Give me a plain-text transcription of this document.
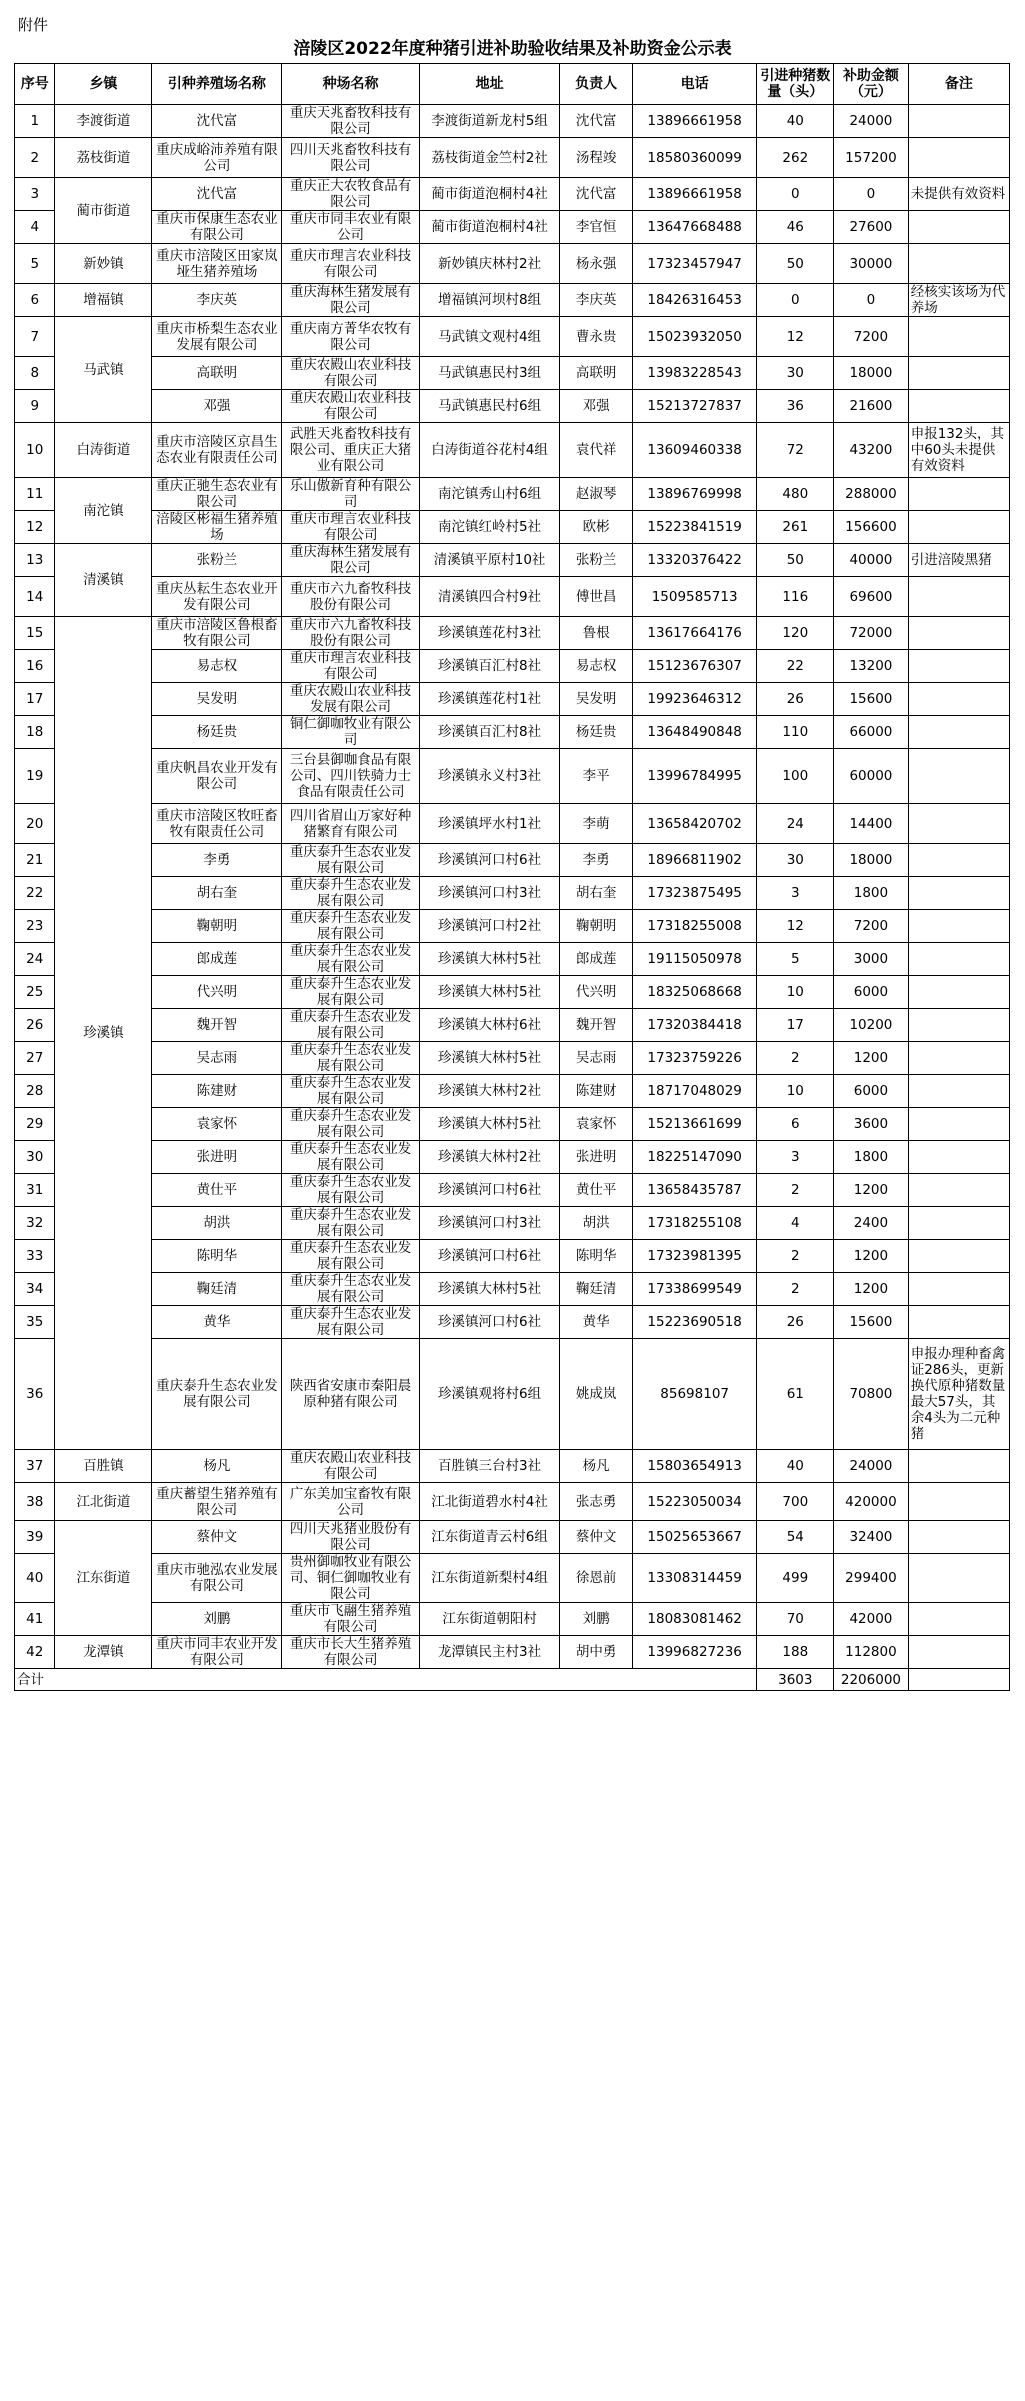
附件
涪陵区2022年度种猪引进补助验收结果及补助资金公示表
序号	乡镇	引种养殖场名称	种场名称	地址	负责人	电话	引进种猪数量（头）	补助金额（元）	备注
1	李渡街道	沈代富	重庆天兆畜牧科技有限公司	李渡街道新龙村5组	沈代富	13896661958	40	24000	
2	荔枝街道	重庆成峪沛养殖有限公司	四川天兆畜牧科技有限公司	荔枝街道金竺村2社	汤程竣	18580360099	262	157200	
3	蔺市街道	沈代富	重庆正大农牧食品有限公司	蔺市街道泡桐村4社	沈代富	13896661958	0	0	未提供有效资料
4		重庆市保康生态农业有限公司	重庆市同丰农业有限公司	蔺市街道泡桐村4社	李官恒	13647668488	46	27600	
5	新妙镇	重庆市涪陵区田家岚垭生猪养殖场	重庆市理言农业科技有限公司	新妙镇庆林村2社	杨永强	17323457947	50	30000	
6	增福镇	李庆英	重庆海林生猪发展有限公司	增福镇河坝村8组	李庆英	18426316453	0	0	经核实该场为代养场
7	马武镇	重庆市桥梨生态农业发展有限公司	重庆南方菁华农牧有限公司	马武镇文观村4组	曹永贵	15023932050	12	7200	
8		高联明	重庆农殿山农业科技有限公司	马武镇惠民村3组	高联明	13983228543	30	18000	
9		邓强	重庆农殿山农业科技有限公司	马武镇惠民村6组	邓强	15213727837	36	21600	
10	白涛街道	重庆市涪陵区京昌生态农业有限责任公司	武胜天兆畜牧科技有限公司、重庆正大猪业有限公司	白涛街道谷花村4组	袁代祥	13609460338	72	43200	申报132头，其中60头未提供有效资料
11	南沱镇	重庆正驰生态农业有限公司	乐山傲新育种有限公司	南沱镇秀山村6组	赵淑琴	13896769998	480	288000	
12		涪陵区彬福生猪养殖场	重庆市理言农业科技有限公司	南沱镇红岭村5社	欧彬	15223841519	261	156600	
13	清溪镇	张粉兰	重庆海林生猪发展有限公司	清溪镇平原村10社	张粉兰	13320376422	50	40000	引进涪陵黑猪
14		重庆丛耘生态农业开发有限公司	重庆市六九畜牧科技股份有限公司	清溪镇四合村9社	傅世昌	1509585713	116	69600	
15	珍溪镇	重庆市涪陵区鲁根畜牧有限公司	重庆市六九畜牧科技股份有限公司	珍溪镇莲花村3社	鲁根	13617664176	120	72000	
16		易志权	重庆市理言农业科技有限公司	珍溪镇百汇村8社	易志权	15123676307	22	13200	
17		吴发明	重庆农殿山农业科技发展有限公司	珍溪镇莲花村1社	吴发明	19923646312	26	15600	
18		杨廷贵	铜仁御咖牧业有限公司	珍溪镇百汇村8社	杨廷贵	13648490848	110	66000	
19		重庆帆昌农业开发有限公司	三台县御咖食品有限公司、四川铁骑力士食品有限责任公司	珍溪镇永义村3社	李平	13996784995	100	60000	
20		重庆市涪陵区牧旺畜牧有限责任公司	四川省眉山万家好种猪繁育有限公司	珍溪镇坪水村1社	李萌	13658420702	24	14400	
21		李勇	重庆泰升生态农业发展有限公司	珍溪镇河口村6社	李勇	18966811902	30	18000	
22		胡右奎	重庆泰升生态农业发展有限公司	珍溪镇河口村3社	胡右奎	17323875495	3	1800	
23		鞠朝明	重庆泰升生态农业发展有限公司	珍溪镇河口村2社	鞠朝明	17318255008	12	7200	
24		郎成莲	重庆泰升生态农业发展有限公司	珍溪镇大林村5社	郎成莲	19115050978	5	3000	
25		代兴明	重庆泰升生态农业发展有限公司	珍溪镇大林村5社	代兴明	18325068668	10	6000	
26		魏开智	重庆泰升生态农业发展有限公司	珍溪镇大林村6社	魏开智	17320384418	17	10200	
27		吴志雨	重庆泰升生态农业发展有限公司	珍溪镇大林村5社	吴志雨	17323759226	2	1200	
28		陈建财	重庆泰升生态农业发展有限公司	珍溪镇大林村2社	陈建财	18717048029	10	6000	
29		袁家怀	重庆泰升生态农业发展有限公司	珍溪镇大林村5社	袁家怀	15213661699	6	3600	
30		张进明	重庆泰升生态农业发展有限公司	珍溪镇大林村2社	张进明	18225147090	3	1800	
31		黄仕平	重庆泰升生态农业发展有限公司	珍溪镇河口村6社	黄仕平	13658435787	2	1200	
32		胡洪	重庆泰升生态农业发展有限公司	珍溪镇河口村3社	胡洪	17318255108	4	2400	
33		陈明华	重庆泰升生态农业发展有限公司	珍溪镇河口村6社	陈明华	17323981395	2	1200	
34		鞠廷清	重庆泰升生态农业发展有限公司	珍溪镇大林村5社	鞠廷清	17338699549	2	1200	
35		黄华	重庆泰升生态农业发展有限公司	珍溪镇河口村6社	黄华	15223690518	26	15600	
36		重庆泰升生态农业发展有限公司	陕西省安康市秦阳晨原种猪有限公司	珍溪镇观将村6组	姚成岚	85698107	61	70800	申报办理种畜禽证286头，更新换代原种猪数量最大57头，其余4头为二元种猪
37	百胜镇	杨凡	重庆农殿山农业科技有限公司	百胜镇三台村3社	杨凡	15803654913	40	24000	
38	江北街道	重庆蓄望生猪养殖有限公司	广东美加宝畜牧有限公司	江北街道碧水村4社	张志勇	15223050034	700	420000	
39	江东街道	蔡仲文	四川天兆猪业股份有限公司	江东街道青云村6组	蔡仲文	15025653667	54	32400	
40		重庆市驰泓农业发展有限公司	贵州御咖牧业有限公司、铜仁御咖牧业有限公司	江东街道新梨村4组	徐恩前	13308314459	499	299400	
41		刘鹏	重庆市飞翮生猪养殖有限公司	江东街道朝阳村	刘鹏	18083081462	70	42000	
42	龙潭镇	重庆市同丰农业开发有限公司	重庆市长大生猪养殖有限公司	龙潭镇民主村3社	胡中勇	13996827236	188	112800	
合计							3603	2206000	
